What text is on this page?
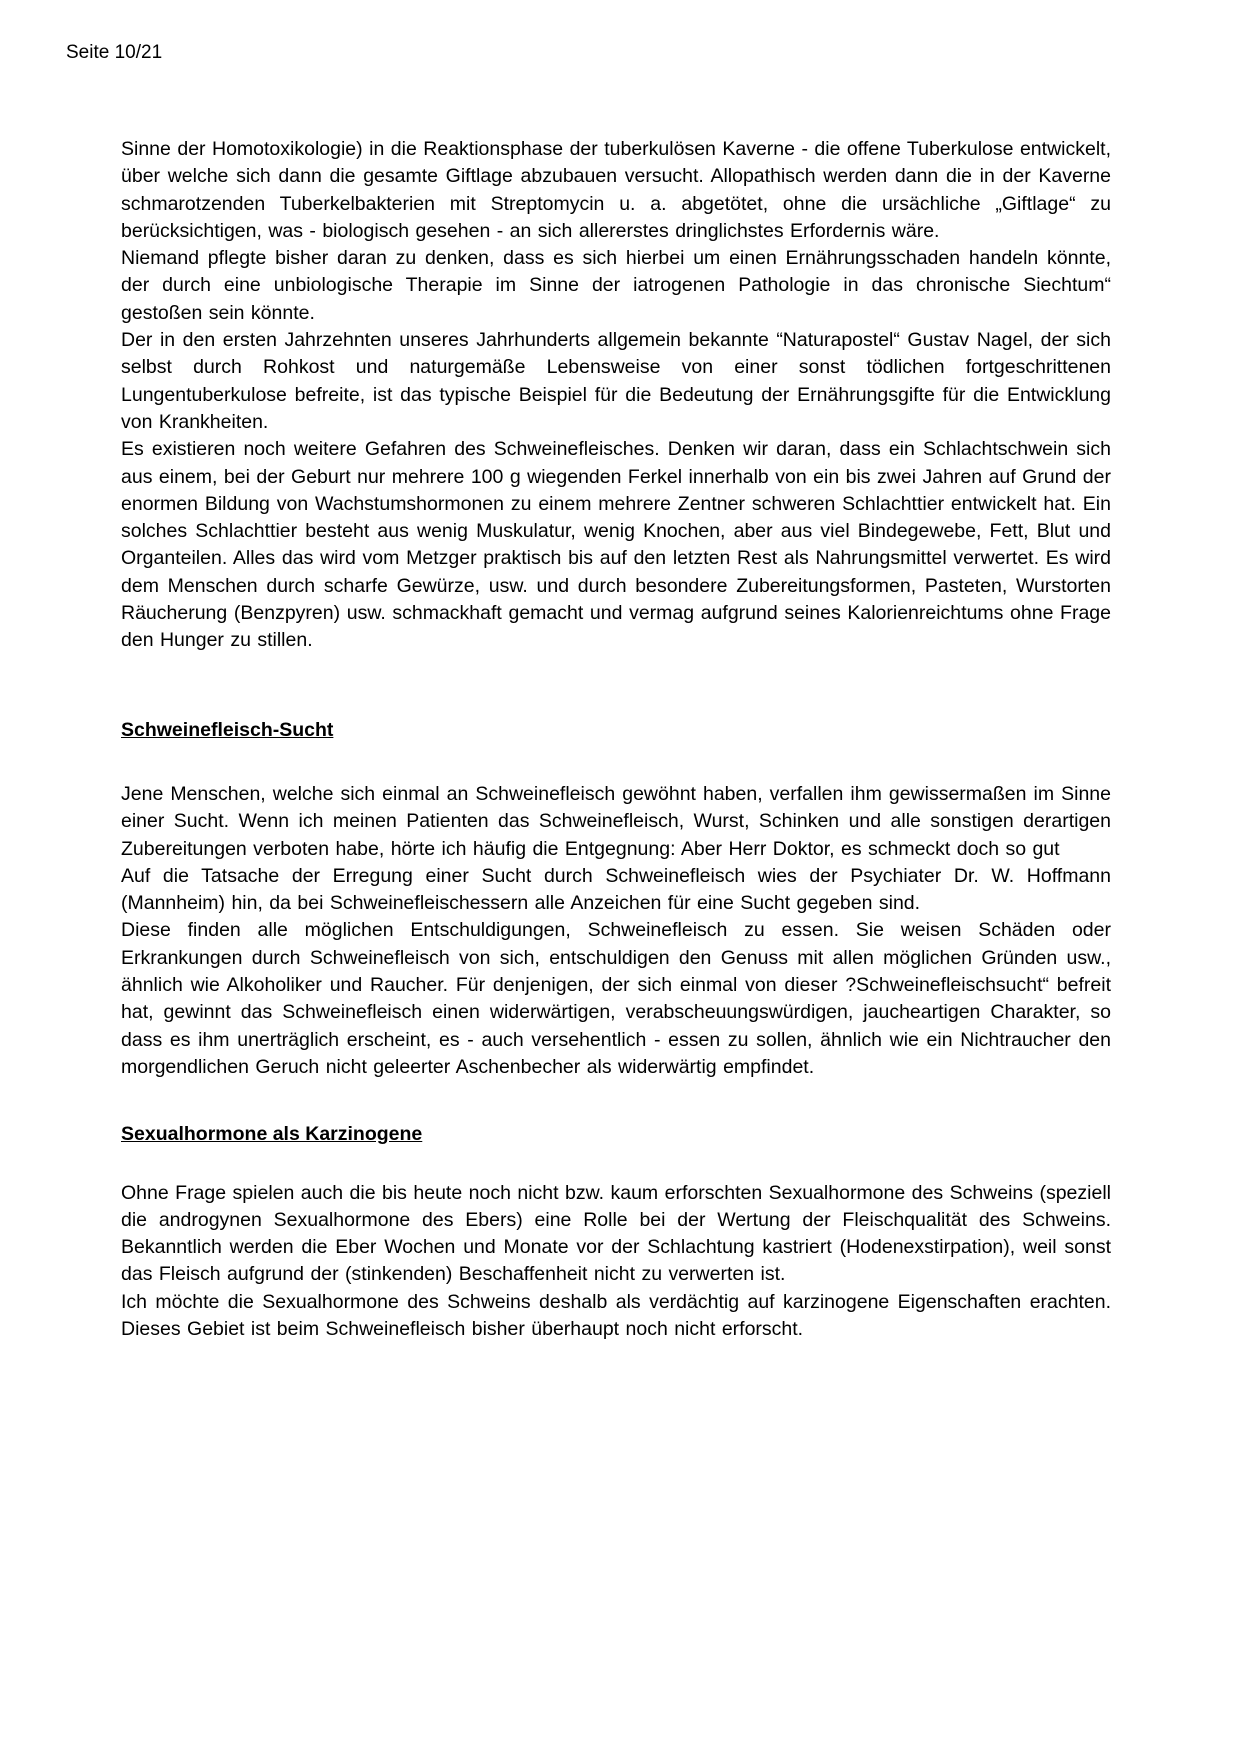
Seite 10/21

Sinne der Homotoxikologie) in die Reaktionsphase der tuberkulösen Kaverne - die offene Tuberkulose entwickelt, über welche sich dann die gesamte Giftlage abzubauen versucht. Allopathisch werden dann die in der Kaverne schmarotzenden Tuberkelbakterien mit Streptomycin u. a. abgetötet, ohne die ursächliche „Giftlage“ zu berücksichtigen, was - biologisch gesehen - an sich allererstes dringlichstes Erfordernis wäre.

Niemand pflegte bisher daran zu denken, dass es sich hierbei um einen Ernährungsschaden handeln könnte, der durch eine unbiologische Therapie im Sinne der iatrogenen Pathologie in das chronische Siechtum“ gestoßen sein könnte.

Der in den ersten Jahrzehnten unseres Jahrhunderts allgemein bekannte “Naturapostel“ Gustav Nagel, der sich selbst durch Rohkost und naturgemäße Lebensweise von einer sonst tödlichen fortgeschrittenen Lungentuberkulose befreite, ist das typische Beispiel für die Bedeutung der Ernährungsgifte für die Entwicklung von Krankheiten.

Es existieren noch weitere Gefahren des Schweinefleisches. Denken wir daran, dass ein Schlachtschwein sich aus einem, bei der Geburt nur mehrere 100 g wiegenden Ferkel innerhalb von ein bis zwei Jahren auf Grund der enormen Bildung von Wachstumshormonen zu einem mehrere Zentner schweren Schlachttier entwickelt hat. Ein solches Schlachttier besteht aus wenig Muskulatur, wenig Knochen, aber aus viel Bindegewebe, Fett, Blut und Organteilen. Alles das wird vom Metzger praktisch bis auf den letzten Rest als Nahrungsmittel verwertet. Es wird dem Menschen durch scharfe Gewürze, usw. und durch besondere Zubereitungsformen, Pasteten, Wurstorten Räucherung (Benzpyren) usw. schmackhaft gemacht und vermag aufgrund seines Kalorienreichtums ohne Frage den Hunger zu stillen.

Schweinefleisch-Sucht

Jene Menschen, welche sich einmal an Schweinefleisch gewöhnt haben, verfallen ihm gewissermaßen im Sinne einer Sucht. Wenn ich meinen Patienten das Schweinefleisch, Wurst, Schinken und alle sonstigen derartigen Zubereitungen verboten habe, hörte ich häufig die Entgegnung: Aber Herr Doktor, es schmeckt doch so gut

Auf die Tatsache der Erregung einer Sucht durch Schweinefleisch wies der Psychiater Dr. W. Hoffmann (Mannheim) hin, da bei Schweinefleischessern alle Anzeichen für eine Sucht gegeben sind.

Diese finden alle möglichen Entschuldigungen, Schweinefleisch zu essen. Sie weisen Schäden oder Erkrankungen durch Schweinefleisch von sich, entschuldigen den Genuss mit allen möglichen Gründen usw., ähnlich wie Alkoholiker und Raucher. Für denjenigen, der sich einmal von dieser ?Schweinefleischsucht“ befreit hat, gewinnt das Schweinefleisch einen widerwärtigen, verabscheuungswürdigen, jaucheartigen Charakter, so dass es ihm unerträglich erscheint, es - auch versehentlich - essen zu sollen, ähnlich wie ein Nichtraucher den morgendlichen Geruch nicht geleerter Aschenbecher als widerwärtig empfindet.

Sexualhormone als Karzinogene

Ohne Frage spielen auch die bis heute noch nicht bzw. kaum erforschten Sexualhormone des Schweins (speziell die androgynen Sexualhormone des Ebers) eine Rolle bei der Wertung der Fleischqualität des Schweins. Bekanntlich werden die Eber Wochen und Monate vor der Schlachtung kastriert (Hodenexstirpation), weil sonst das Fleisch aufgrund der (stinkenden) Beschaffenheit nicht zu verwerten ist.

Ich möchte die Sexualhormone des Schweins deshalb als verdächtig auf karzinogene Eigenschaften erachten. Dieses Gebiet ist beim Schweinefleisch bisher überhaupt noch nicht erforscht.
